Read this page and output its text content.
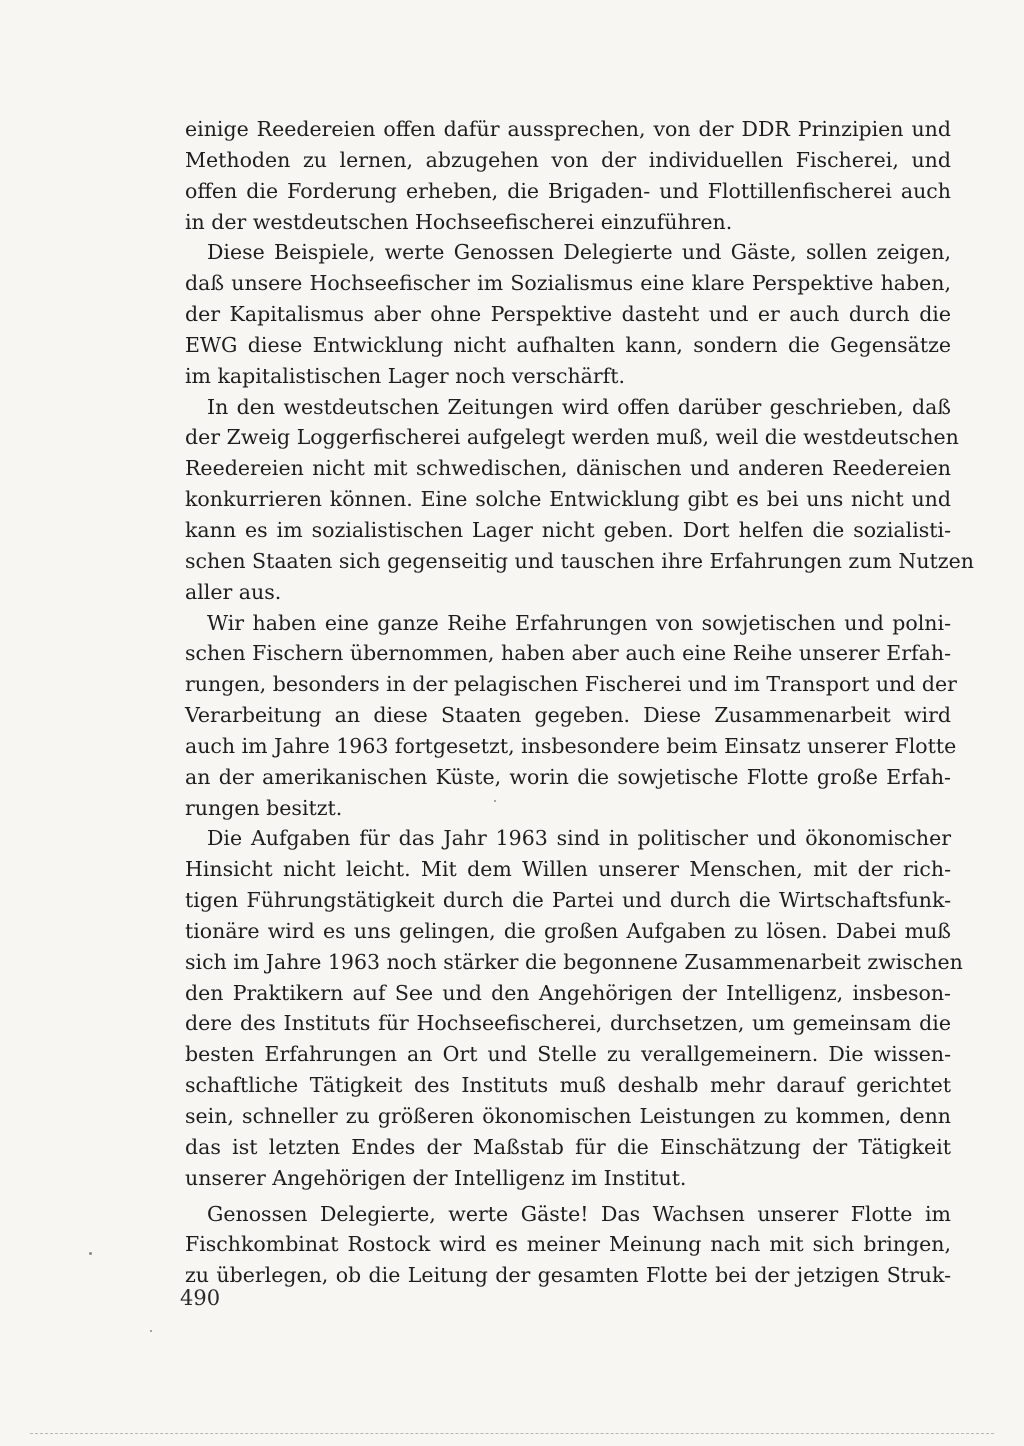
einige Reedereien offen dafür aussprechen, von der DDR Prinzipien und
Methoden zu lernen, abzugehen von der individuellen Fischerei, und
offen die Forderung erheben, die Brigaden- und Flottillenfischerei auch
in der westdeutschen Hochseefischerei einzuführen.
Diese Beispiele, werte Genossen Delegierte und Gäste, sollen zeigen,
daß unsere Hochseefischer im Sozialismus eine klare Perspektive haben,
der Kapitalismus aber ohne Perspektive dasteht und er auch durch die
EWG diese Entwicklung nicht aufhalten kann, sondern die Gegensätze
im kapitalistischen Lager noch verschärft.
In den westdeutschen Zeitungen wird offen darüber geschrieben, daß
der Zweig Loggerfischerei aufgelegt werden muß, weil die westdeutschen
Reedereien nicht mit schwedischen, dänischen und anderen Reedereien
konkurrieren können. Eine solche Entwicklung gibt es bei uns nicht und
kann es im sozialistischen Lager nicht geben. Dort helfen die sozialisti-
schen Staaten sich gegenseitig und tauschen ihre Erfahrungen zum Nutzen
aller aus.
Wir haben eine ganze Reihe Erfahrungen von sowjetischen und polni-
schen Fischern übernommen, haben aber auch eine Reihe unserer Erfah-
rungen, besonders in der pelagischen Fischerei und im Transport und der
Verarbeitung an diese Staaten gegeben. Diese Zusammenarbeit wird
auch im Jahre 1963 fortgesetzt, insbesondere beim Einsatz unserer Flotte
an der amerikanischen Küste, worin die sowjetische Flotte große Erfah-
rungen besitzt.
Die Aufgaben für das Jahr 1963 sind in politischer und ökonomischer
Hinsicht nicht leicht. Mit dem Willen unserer Menschen, mit der rich-
tigen Führungstätigkeit durch die Partei und durch die Wirtschaftsfunk-
tionäre wird es uns gelingen, die großen Aufgaben zu lösen. Dabei muß
sich im Jahre 1963 noch stärker die begonnene Zusammenarbeit zwischen
den Praktikern auf See und den Angehörigen der Intelligenz, insbeson-
dere des Instituts für Hochseefischerei, durchsetzen, um gemeinsam die
besten Erfahrungen an Ort und Stelle zu verallgemeinern. Die wissen-
schaftliche Tätigkeit des Instituts muß deshalb mehr darauf gerichtet
sein, schneller zu größeren ökonomischen Leistungen zu kommen, denn
das ist letzten Endes der Maßstab für die Einschätzung der Tätigkeit
unserer Angehörigen der Intelligenz im Institut.
Genossen Delegierte, werte Gäste! Das Wachsen unserer Flotte im
Fischkombinat Rostock wird es meiner Meinung nach mit sich bringen,
zu überlegen, ob die Leitung der gesamten Flotte bei der jetzigen Struk-
490
